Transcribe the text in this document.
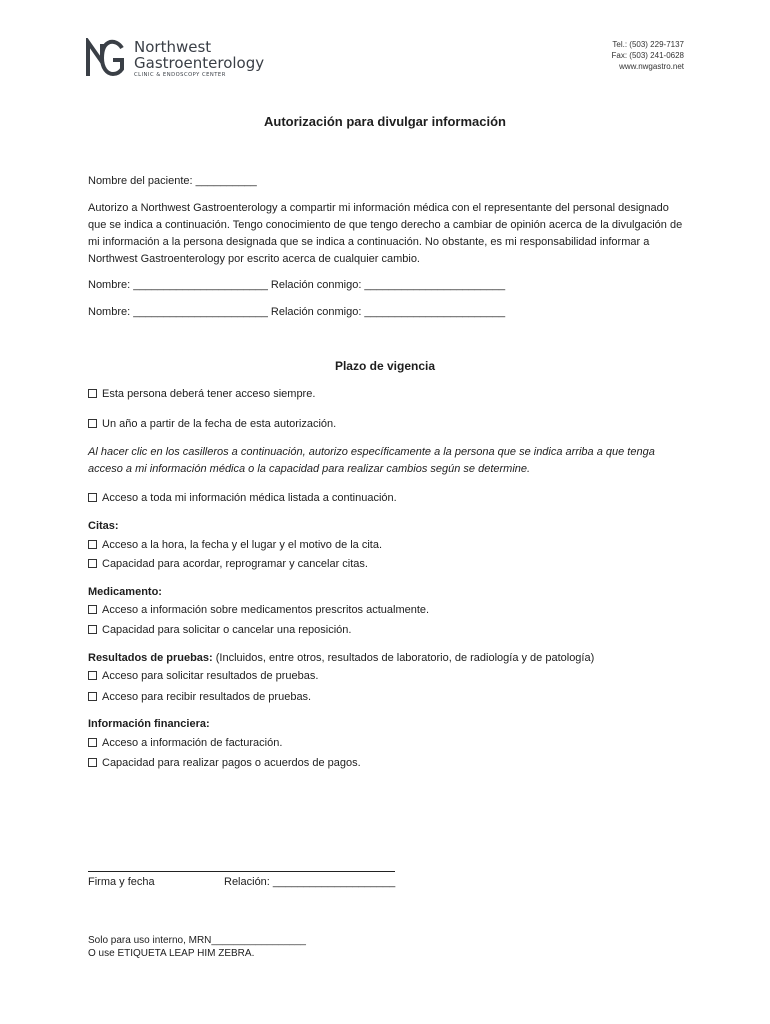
Northwest
Gastroenterology
CLINIC & ENDOSCOPY CENTER
Tel.: (503) 229-7137
Fax: (503) 241-0628
www.nwgastro.net
Autorización para divulgar información
Nombre del paciente: __________
Autorizo a Northwest Gastroenterology a compartir mi información médica con el representante del personal designado que se indica a continuación. Tengo conocimiento de que tengo derecho a cambiar de opinión acerca de la divulgación de mi información a la persona designada que se indica a continuación. No obstante, es mi responsabilidad informar a Northwest Gastroenterology por escrito acerca de cualquier cambio.
Nombre: ______________________ Relación conmigo: _______________________
Nombre: ______________________ Relación conmigo: _______________________
Plazo de vigencia
Esta persona deberá tener acceso siempre.
Un año a partir de la fecha de esta autorización.
Al hacer clic en los casilleros a continuación, autorizo específicamente a la persona que se indica arriba a que tenga acceso a mi información médica o la capacidad para realizar cambios según se determine.
Acceso a toda mi información médica listada a continuación.
Citas:
Acceso a la hora, la fecha y el lugar y el motivo de la cita.
Capacidad para acordar, reprogramar y cancelar citas.
Medicamento:
Acceso a información sobre medicamentos prescritos actualmente.
Capacidad para solicitar o cancelar una reposición.
Resultados de pruebas: (Incluidos, entre otros, resultados de laboratorio, de radiología y de patología)
Acceso para solicitar resultados de pruebas.
Acceso para recibir resultados de pruebas.
Información financiera:
Acceso a información de facturación.
Capacidad para realizar pagos o acuerdos de pagos.
Firma y fecha	Relación: ____________________
Solo para uso interno, MRN_________________
O use ETIQUETA LEAP HIM ZEBRA.
